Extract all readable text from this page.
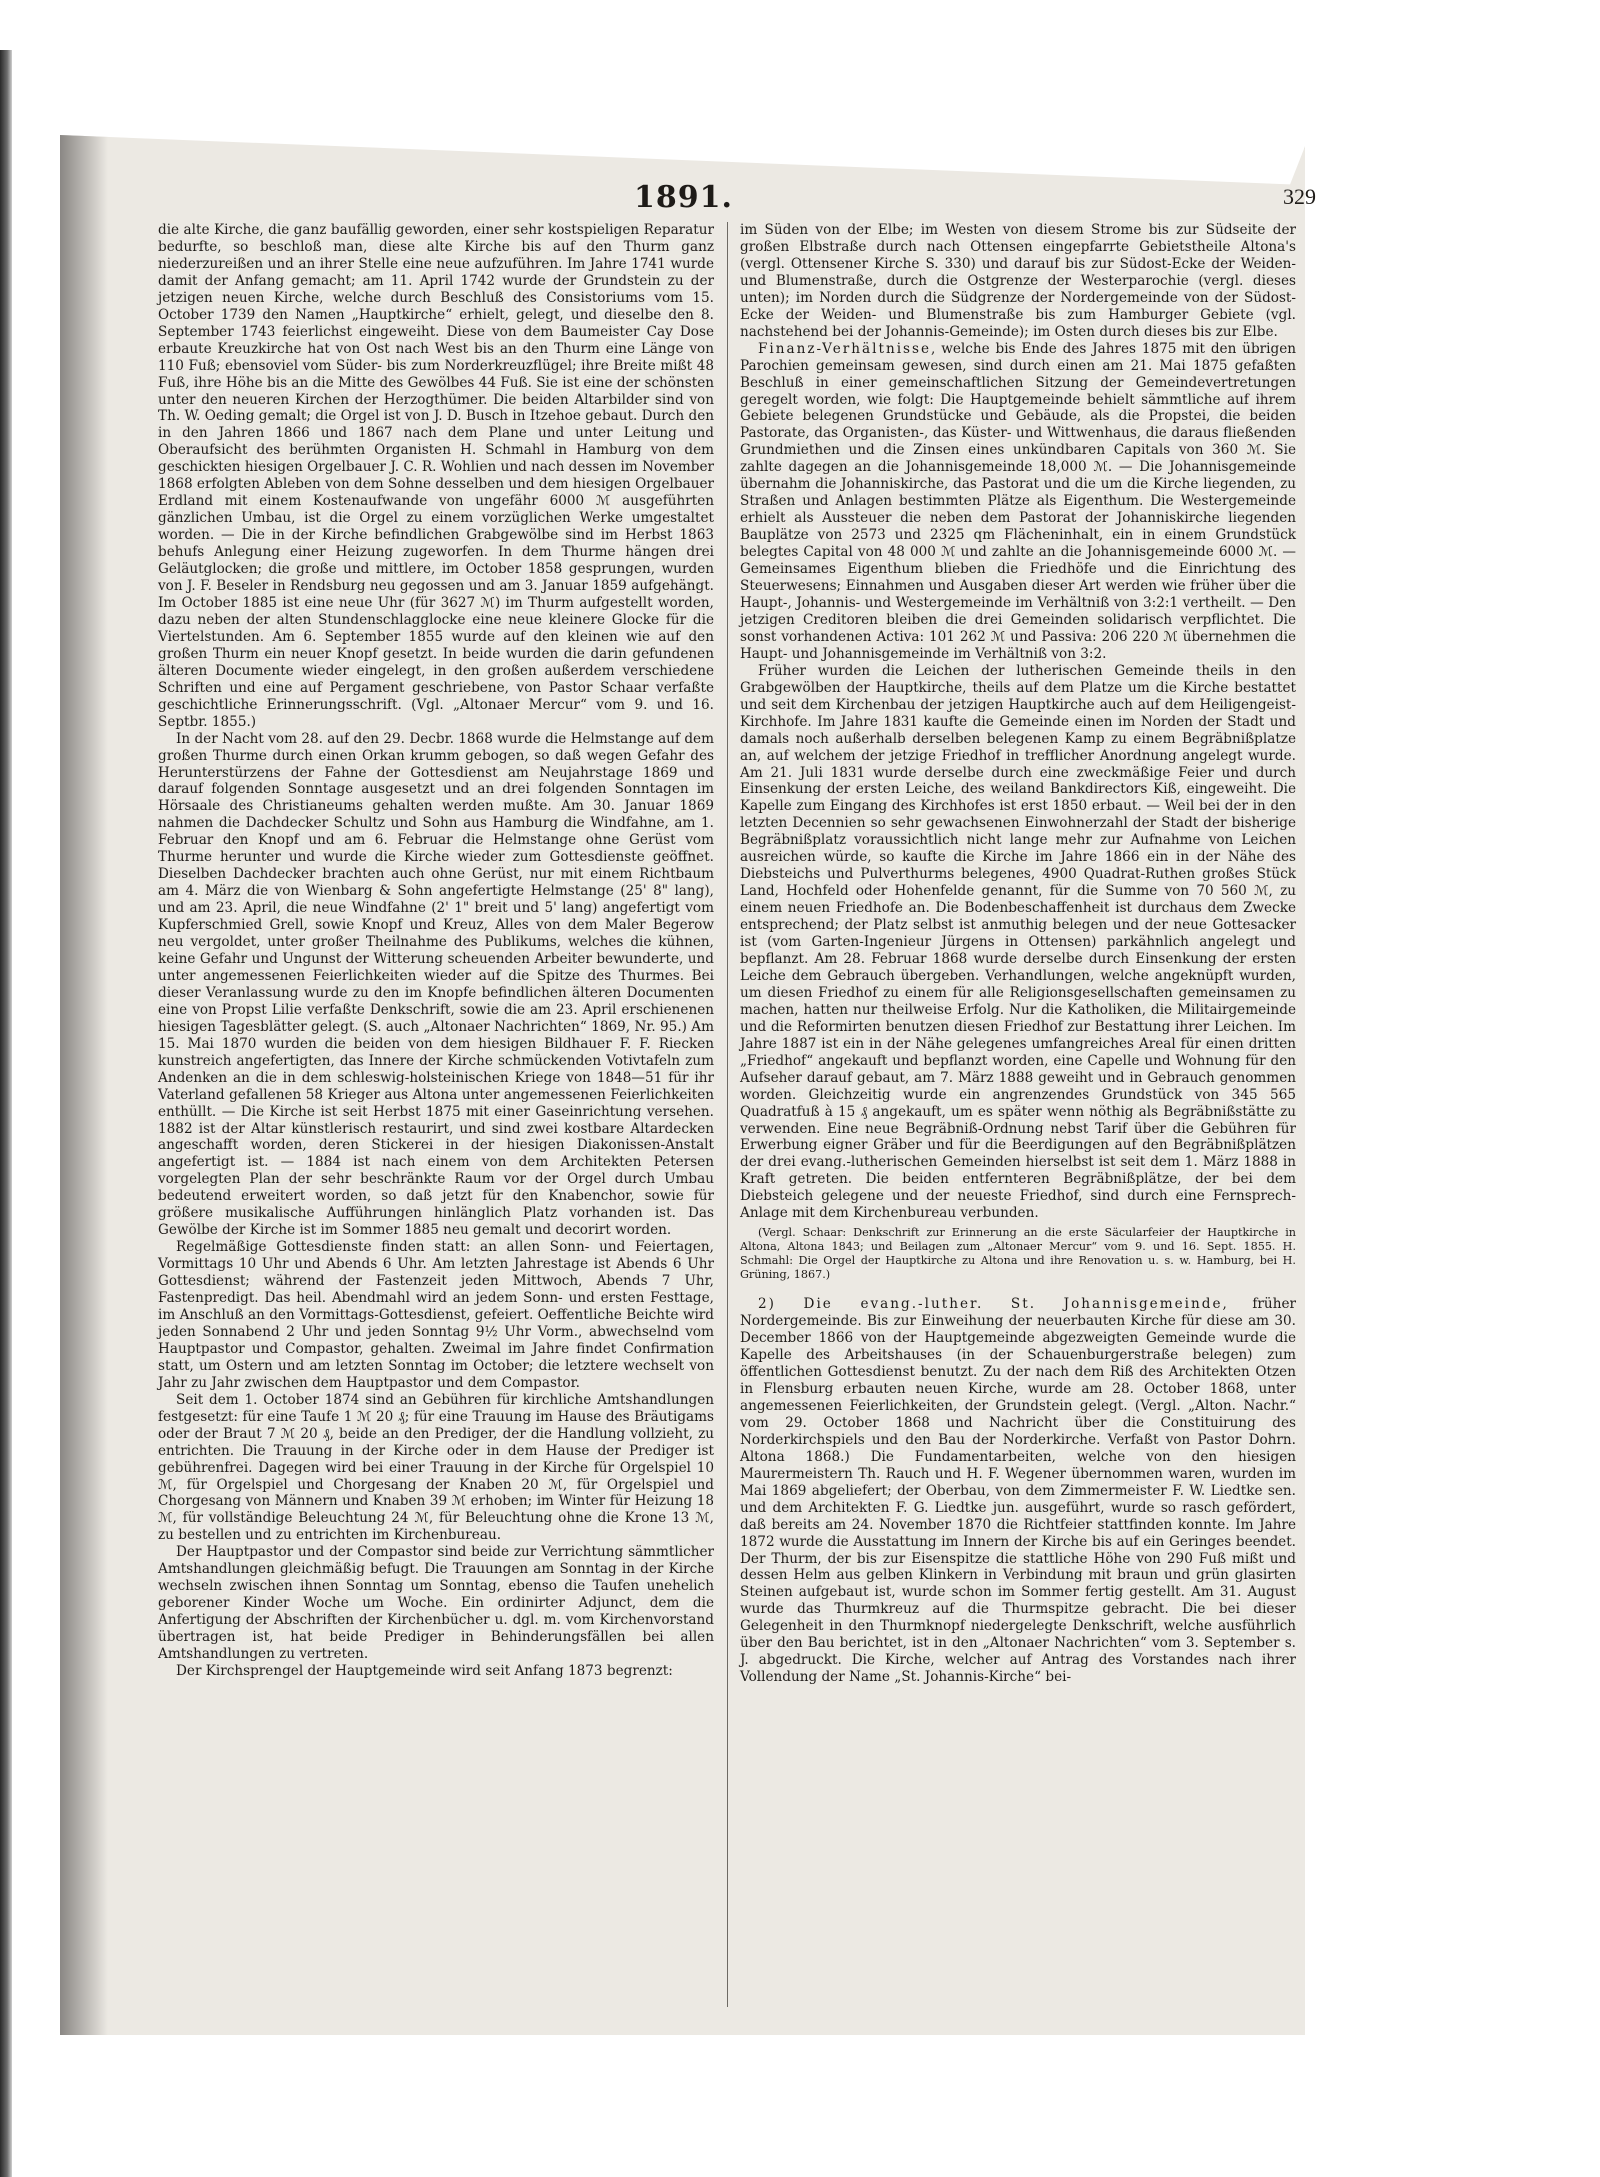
1891.	329

die alte Kirche, die ganz baufällig geworden, einer sehr kostspieligen Reparatur bedurfte, so beschloß man, diese alte Kirche bis auf den Thurm ganz niederzureißen und an ihrer Stelle eine neue aufzuführen. Im Jahre 1741 wurde damit der Anfang gemacht; am 11. April 1742 wurde der Grundstein zu der jetzigen neuen Kirche, welche durch Beschluß des Consistoriums vom 15. October 1739 den Namen „Hauptkirche“ erhielt, gelegt, und dieselbe den 8. September 1743 feierlichst eingeweiht. Diese von dem Baumeister Cay Dose erbaute Kreuzkirche hat von Ost nach West bis an den Thurm eine Länge von 110 Fuß; ebensoviel vom Süder- bis zum Norderkreuzflügel; ihre Breite mißt 48 Fuß, ihre Höhe bis an die Mitte des Gewölbes 44 Fuß. Sie ist eine der schönsten unter den neueren Kirchen der Herzogthümer. Die beiden Altarbilder sind von Th. W. Oeding gemalt; die Orgel ist von J. D. Busch in Itzehoe gebaut. Durch den in den Jahren 1866 und 1867 nach dem Plane und unter Leitung und Oberaufsicht des berühmten Organisten H. Schmahl in Hamburg von dem geschickten hiesigen Orgelbauer J. C. R. Wohlien und nach dessen im November 1868 erfolgten Ableben von dem Sohne desselben und dem hiesigen Orgelbauer Erdland mit einem Kostenaufwande von ungefähr 6000 ℳ ausgeführten gänzlichen Umbau, ist die Orgel zu einem vorzüglichen Werke umgestaltet worden. — Die in der Kirche befindlichen Grabgewölbe sind im Herbst 1863 behufs Anlegung einer Heizung zugeworfen. In dem Thurme hängen drei Geläutglocken; die große und mittlere, im October 1858 gesprungen, wurden von J. F. Beseler in Rendsburg neu gegossen und am 3. Januar 1859 aufgehängt. Im October 1885 ist eine neue Uhr (für 3627 ℳ) im Thurm aufgestellt worden, dazu neben der alten Stundenschlagglocke eine neue kleinere Glocke für die Viertelstunden. Am 6. September 1855 wurde auf den kleinen wie auf den großen Thurm ein neuer Knopf gesetzt. In beide wurden die darin gefundenen älteren Documente wieder eingelegt, in den großen außerdem verschiedene Schriften und eine auf Pergament geschriebene, von Pastor Schaar verfaßte geschichtliche Erinnerungsschrift. (Vgl. „Altonaer Mercur“ vom 9. und 16. Septbr. 1855.)

In der Nacht vom 28. auf den 29. Decbr. 1868 wurde die Helmstange auf dem großen Thurme durch einen Orkan krumm gebogen, so daß wegen Gefahr des Herunterstürzens der Fahne der Gottesdienst am Neujahrstage 1869 und darauf folgenden Sonntage ausgesetzt und an drei folgenden Sonntagen im Hörsaale des Christianeums gehalten werden mußte. Am 30. Januar 1869 nahmen die Dachdecker Schultz und Sohn aus Hamburg die Windfahne, am 1. Februar den Knopf und am 6. Februar die Helmstange ohne Gerüst vom Thurme herunter und wurde die Kirche wieder zum Gottesdienste geöffnet. Dieselben Dachdecker brachten auch ohne Gerüst, nur mit einem Richtbaum am 4. März die von Wienbarg & Sohn angefertigte Helmstange (25' 8" lang), und am 23. April, die neue Windfahne (2' 1" breit und 5' lang) angefertigt vom Kupferschmied Grell, sowie Knopf und Kreuz, Alles von dem Maler Begerow neu vergoldet, unter großer Theilnahme des Publikums, welches die kühnen, keine Gefahr und Ungunst der Witterung scheuenden Arbeiter bewunderte, und unter angemessenen Feierlichkeiten wieder auf die Spitze des Thurmes. Bei dieser Veranlassung wurde zu den im Knopfe befindlichen älteren Documenten eine von Propst Lilie verfaßte Denkschrift, sowie die am 23. April erschienenen hiesigen Tagesblätter gelegt. (S. auch „Altonaer Nachrichten“ 1869, Nr. 95.) Am 15. Mai 1870 wurden die beiden von dem hiesigen Bildhauer F. F. Riecken kunstreich angefertigten, das Innere der Kirche schmückenden Votivtafeln zum Andenken an die in dem schleswig-holsteinischen Kriege von 1848—51 für ihr Vaterland gefallenen 58 Krieger aus Altona unter angemessenen Feierlichkeiten enthüllt. — Die Kirche ist seit Herbst 1875 mit einer Gaseinrichtung versehen. 1882 ist der Altar künstlerisch restaurirt, und sind zwei kostbare Altardecken angeschafft worden, deren Stickerei in der hiesigen Diakonissen-Anstalt angefertigt ist. — 1884 ist nach einem von dem Architekten Petersen vorgelegten Plan der sehr beschränkte Raum vor der Orgel durch Umbau bedeutend erweitert worden, so daß jetzt für den Knabenchor, sowie für größere musikalische Aufführungen hinlänglich Platz vorhanden ist. Das Gewölbe der Kirche ist im Sommer 1885 neu gemalt und decorirt worden.

Regelmäßige Gottesdienste finden statt: an allen Sonn- und Feiertagen, Vormittags 10 Uhr und Abends 6 Uhr. Am letzten Jahrestage ist Abends 6 Uhr Gottesdienst; während der Fastenzeit jeden Mittwoch, Abends 7 Uhr, Fastenpredigt. Das heil. Abendmahl wird an jedem Sonn- und ersten Festtage, im Anschluß an den Vormittags-Gottesdienst, gefeiert. Oeffentliche Beichte wird jeden Sonnabend 2 Uhr und jeden Sonntag 9½ Uhr Vorm., abwechselnd vom Hauptpastor und Compastor, gehalten. Zweimal im Jahre findet Confirmation statt, um Ostern und am letzten Sonntag im October; die letztere wechselt von Jahr zu Jahr zwischen dem Hauptpastor und dem Compastor.

Seit dem 1. October 1874 sind an Gebühren für kirchliche Amtshandlungen festgesetzt: für eine Taufe 1 ℳ 20 ₰; für eine Trauung im Hause des Bräutigams oder der Braut 7 ℳ 20 ₰, beide an den Prediger, der die Handlung vollzieht, zu entrichten. Die Trauung in der Kirche oder in dem Hause der Prediger ist gebührenfrei. Dagegen wird bei einer Trauung in der Kirche für Orgelspiel 10 ℳ, für Orgelspiel und Chorgesang der Knaben 20 ℳ, für Orgelspiel und Chorgesang von Männern und Knaben 39 ℳ erhoben; im Winter für Heizung 18 ℳ, für vollständige Beleuchtung 24 ℳ, für Beleuchtung ohne die Krone 13 ℳ, zu bestellen und zu entrichten im Kirchenbureau.

Der Hauptpastor und der Compastor sind beide zur Verrichtung sämmtlicher Amtshandlungen gleichmäßig befugt. Die Trauungen am Sonntag in der Kirche wechseln zwischen ihnen Sonntag um Sonntag, ebenso die Taufen unehelich geborener Kinder Woche um Woche. Ein ordinirter Adjunct, dem die Anfertigung der Abschriften der Kirchenbücher u. dgl. m. vom Kirchenvorstand übertragen ist, hat beide Prediger in Behinderungsfällen bei allen Amtshandlungen zu vertreten.

Der Kirchsprengel der Hauptgemeinde wird seit Anfang 1873 begrenzt:

im Süden von der Elbe; im Westen von diesem Strome bis zur Südseite der großen Elbstraße durch nach Ottensen eingepfarrte Gebietstheile Altona's (vergl. Ottensener Kirche S. 330) und darauf bis zur Südost-Ecke der Weiden- und Blumenstraße, durch die Ostgrenze der Westerparochie (vergl. dieses unten); im Norden durch die Südgrenze der Nordergemeinde von der Südost-Ecke der Weiden- und Blumenstraße bis zum Hamburger Gebiete (vgl. nachstehend bei der Johannis-Gemeinde); im Osten durch dieses bis zur Elbe.

Finanz-Verhältnisse, welche bis Ende des Jahres 1875 mit den übrigen Parochien gemeinsam gewesen, sind durch einen am 21. Mai 1875 gefaßten Beschluß in einer gemeinschaftlichen Sitzung der Gemeindevertretungen geregelt worden, wie folgt: Die Hauptgemeinde behielt sämmtliche auf ihrem Gebiete belegenen Grundstücke und Gebäude, als die Propstei, die beiden Pastorate, das Organisten-, das Küster- und Wittwenhaus, die daraus fließenden Grundmiethen und die Zinsen eines unkündbaren Capitals von 360 ℳ. Sie zahlte dagegen an die Johannisgemeinde 18,000 ℳ. — Die Johannisgemeinde übernahm die Johanniskirche, das Pastorat und die um die Kirche liegenden, zu Straßen und Anlagen bestimmten Plätze als Eigenthum. Die Westergemeinde erhielt als Aussteuer die neben dem Pastorat der Johanniskirche liegenden Bauplätze von 2573 und 2325 qm Flächeninhalt, ein in einem Grundstück belegtes Capital von 48 000 ℳ und zahlte an die Johannisgemeinde 6000 ℳ. — Gemeinsames Eigenthum blieben die Friedhöfe und die Einrichtung des Steuerwesens; Einnahmen und Ausgaben dieser Art werden wie früher über die Haupt-, Johannis- und Westergemeinde im Verhältniß von 3:2:1 vertheilt. — Den jetzigen Creditoren bleiben die drei Gemeinden solidarisch verpflichtet. Die sonst vorhandenen Activa: 101 262 ℳ und Passiva: 206 220 ℳ übernehmen die Haupt- und Johannisgemeinde im Verhältniß von 3:2.

Früher wurden die Leichen der lutherischen Gemeinde theils in den Grabgewölben der Hauptkirche, theils auf dem Platze um die Kirche bestattet und seit dem Kirchenbau der jetzigen Hauptkirche auch auf dem Heiligengeist-Kirchhofe. Im Jahre 1831 kaufte die Gemeinde einen im Norden der Stadt und damals noch außerhalb derselben belegenen Kamp zu einem Begräbnißplatze an, auf welchem der jetzige Friedhof in trefflicher Anordnung angelegt wurde. Am 21. Juli 1831 wurde derselbe durch eine zweckmäßige Feier und durch Einsenkung der ersten Leiche, des weiland Bankdirectors Kiß, eingeweiht. Die Kapelle zum Eingang des Kirchhofes ist erst 1850 erbaut. — Weil bei der in den letzten Decennien so sehr gewachsenen Einwohnerzahl der Stadt der bisherige Begräbnißplatz voraussichtlich nicht lange mehr zur Aufnahme von Leichen ausreichen würde, so kaufte die Kirche im Jahre 1866 ein in der Nähe des Diebsteichs und Pulverthurms belegenes, 4900 Quadrat-Ruthen großes Stück Land, Hochfeld oder Hohenfelde genannt, für die Summe von 70 560 ℳ, zu einem neuen Friedhofe an. Die Bodenbeschaffenheit ist durchaus dem Zwecke entsprechend; der Platz selbst ist anmuthig belegen und der neue Gottesacker ist (vom Garten-Ingenieur Jürgens in Ottensen) parkähnlich angelegt und bepflanzt. Am 28. Februar 1868 wurde derselbe durch Einsenkung der ersten Leiche dem Gebrauch übergeben. Verhandlungen, welche angeknüpft wurden, um diesen Friedhof zu einem für alle Religionsgesellschaften gemeinsamen zu machen, hatten nur theilweise Erfolg. Nur die Katholiken, die Militairgemeinde und die Reformirten benutzen diesen Friedhof zur Bestattung ihrer Leichen. Im Jahre 1887 ist ein in der Nähe gelegenes umfangreiches Areal für einen dritten „Friedhof“ angekauft und bepflanzt worden, eine Capelle und Wohnung für den Aufseher darauf gebaut, am 7. März 1888 geweiht und in Gebrauch genommen worden. Gleichzeitig wurde ein angrenzendes Grundstück von 345 565 Quadratfuß à 15 ₰ angekauft, um es später wenn nöthig als Begräbnißstätte zu verwenden. Eine neue Begräbniß-Ordnung nebst Tarif über die Gebühren für Erwerbung eigner Gräber und für die Beerdigungen auf den Begräbnißplätzen der drei evang.-lutherischen Gemeinden hierselbst ist seit dem 1. März 1888 in Kraft getreten. Die beiden entfernteren Begräbnißplätze, der bei dem Diebsteich gelegene und der neueste Friedhof, sind durch eine Fernsprech-Anlage mit dem Kirchenbureau verbunden.

(Vergl. Schaar: Denkschrift zur Erinnerung an die erste Säcularfeier der Hauptkirche in Altona, Altona 1843; und Beilagen zum „Altonaer Mercur“ vom 9. und 16. Sept. 1855. H. Schmahl: Die Orgel der Hauptkirche zu Altona und ihre Renovation u. s. w. Hamburg, bei H. Grüning, 1867.)

2) Die evang.-luther. St. Johannisgemeinde, früher Nordergemeinde. Bis zur Einweihung der neuerbauten Kirche für diese am 30. December 1866 von der Hauptgemeinde abgezweigten Gemeinde wurde die Kapelle des Arbeitshauses (in der Schauenburgerstraße belegen) zum öffentlichen Gottesdienst benutzt. Zu der nach dem Riß des Architekten Otzen in Flensburg erbauten neuen Kirche, wurde am 28. October 1868, unter angemessenen Feierlichkeiten, der Grundstein gelegt. (Vergl. „Alton. Nachr.“ vom 29. October 1868 und Nachricht über die Constituirung des Norderkirchspiels und den Bau der Norderkirche. Verfaßt von Pastor Dohrn. Altona 1868.) Die Fundamentarbeiten, welche von den hiesigen Maurermeistern Th. Rauch und H. F. Wegener übernommen waren, wurden im Mai 1869 abgeliefert; der Oberbau, von dem Zimmermeister F. W. Liedtke sen. und dem Architekten F. G. Liedtke jun. ausgeführt, wurde so rasch gefördert, daß bereits am 24. November 1870 die Richtfeier stattfinden konnte. Im Jahre 1872 wurde die Ausstattung im Innern der Kirche bis auf ein Geringes beendet. Der Thurm, der bis zur Eisenspitze die stattliche Höhe von 290 Fuß mißt und dessen Helm aus gelben Klinkern in Verbindung mit braun und grün glasirten Steinen aufgebaut ist, wurde schon im Sommer fertig gestellt. Am 31. August wurde das Thurmkreuz auf die Thurmspitze gebracht. Die bei dieser Gelegenheit in den Thurmknopf niedergelegte Denkschrift, welche ausführlich über den Bau berichtet, ist in den „Altonaer Nachrichten“ vom 3. September s. J. abgedruckt. Die Kirche, welcher auf Antrag des Vorstandes nach ihrer Vollendung der Name „St. Johannis-Kirche“ bei-
